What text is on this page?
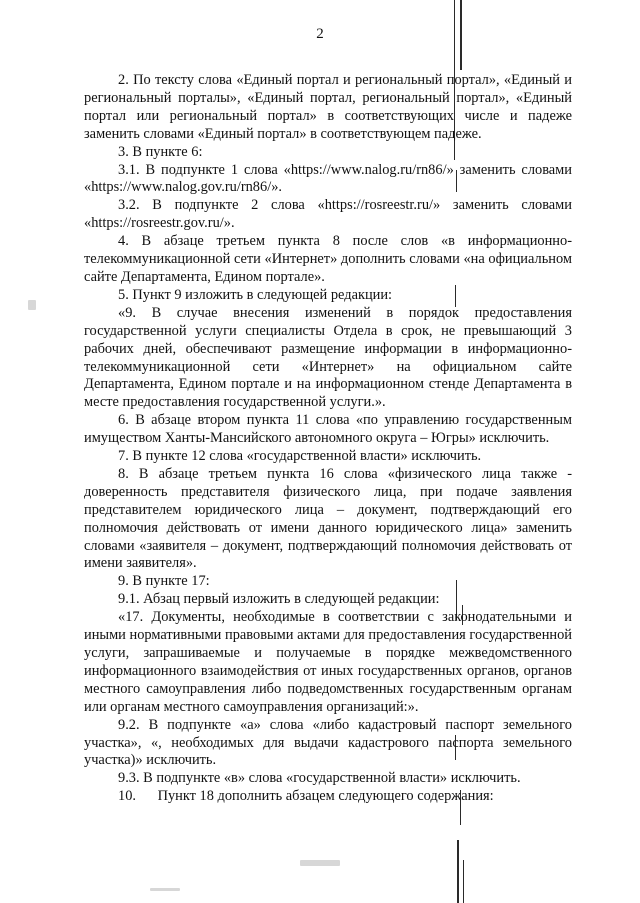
2

2. По тексту слова «Единый портал и региональный портал», «Единый и региональный порталы», «Единый портал, региональный портал», «Единый портал или региональный портал» в соответствующих числе и падеже заменить словами «Единый портал» в соответствующем падеже.

3. В пункте 6:

3.1. В подпункте 1 слова «https://www.nalog.ru/rn86/» заменить словами «https://www.nalog.gov.ru/rn86/».

3.2. В подпункте 2 слова «https://rosreestr.ru/» заменить словами «https://rosreestr.gov.ru/».

4. В абзаце третьем пункта 8 после слов «в информационно-телекоммуникационной сети «Интернет» дополнить словами «на официальном сайте Департамента, Едином портале».

5. Пункт 9 изложить в следующей редакции:

«9. В случае внесения изменений в порядок предоставления государственной услуги специалисты Отдела в срок, не превышающий 3 рабочих дней, обеспечивают размещение информации в информационно-телекоммуникационной сети «Интернет» на официальном сайте Департамента, Едином портале и на информационном стенде Департамента в месте предоставления государственной услуги.».

6. В абзаце втором пункта 11 слова «по управлению государственным имуществом Ханты-Мансийского автономного округа – Югры» исключить.

7. В пункте 12 слова «государственной власти» исключить.

8. В абзаце третьем пункта 16 слова «физического лица также - доверенность представителя физического лица, при подаче заявления представителем юридического лица – документ, подтверждающий его полномочия действовать от имени данного юридического лица» заменить словами «заявителя – документ, подтверждающий полномочия действовать от имени заявителя».

9. В пункте 17:

9.1. Абзац первый изложить в следующей редакции:

«17. Документы, необходимые в соответствии с законодательными и иными нормативными правовыми актами для предоставления государственной услуги, запрашиваемые и получаемые в порядке межведомственного информационного взаимодействия от иных государственных органов, органов местного самоуправления либо подведомственных государственным органам или органам местного самоуправления организаций:».

9.2. В подпункте «а» слова «либо кадастровый паспорт земельного участка», «, необходимых для выдачи кадастрового паспорта земельного участка)» исключить.

9.3. В подпункте «в» слова «государственной власти» исключить.

10.      Пункт 18 дополнить абзацем следующего содержания:
